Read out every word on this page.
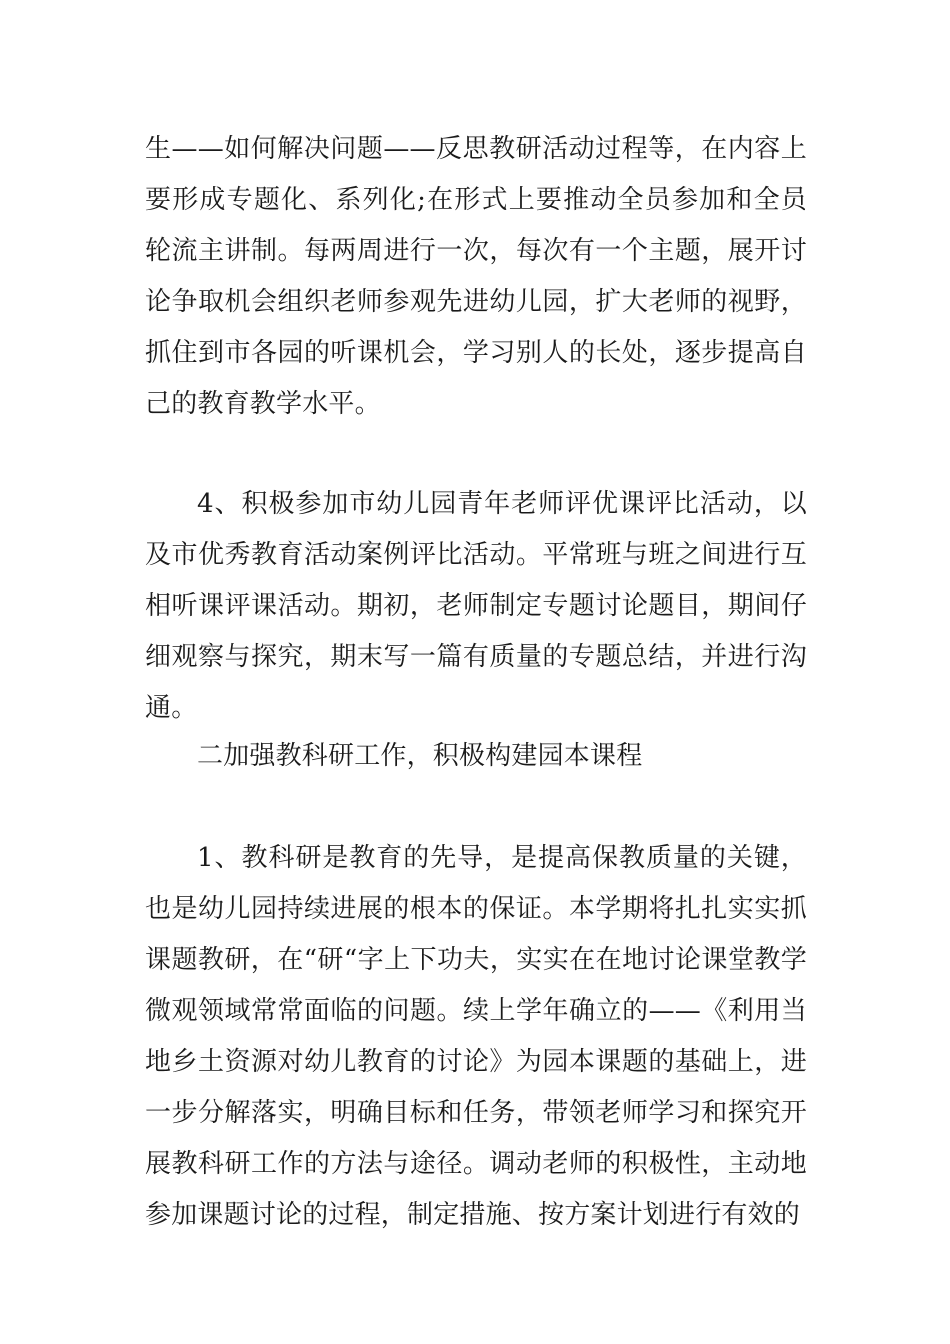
生——如何解决问题——反思教研活动过程等，在内容上要形成专题化、系列化;在形式上要推动全员参加和全员轮流主讲制。每两周进行一次，每次有一个主题，展开讨论争取机会组织老师参观先进幼儿园，扩大老师的视野，抓住到市各园的听课机会，学习别人的长处，逐步提高自己的教育教学水平。

4、积极参加市幼儿园青年老师评优课评比活动，以及市优秀教育活动案例评比活动。平常班与班之间进行互相听课评课活动。期初，老师制定专题讨论题目，期间仔细观察与探究，期末写一篇有质量的专题总结，并进行沟通。

二加强教科研工作，积极构建园本课程

1、教科研是教育的先导，是提高保教质量的关键，也是幼儿园持续进展的根本的保证。本学期将扎扎实实抓课题教研，在“研“字上下功夫，实实在在地讨论课堂教学微观领域常常面临的问题。续上学年确立的——《利用当地乡土资源对幼儿教育的讨论》为园本课题的基础上，进一步分解落实，明确目标和任务，带领老师学习和探究开展教科研工作的方法与途径。调动老师的积极性，主动地参加课题讨论的过程，制定措施、按方案计划进行有效的
